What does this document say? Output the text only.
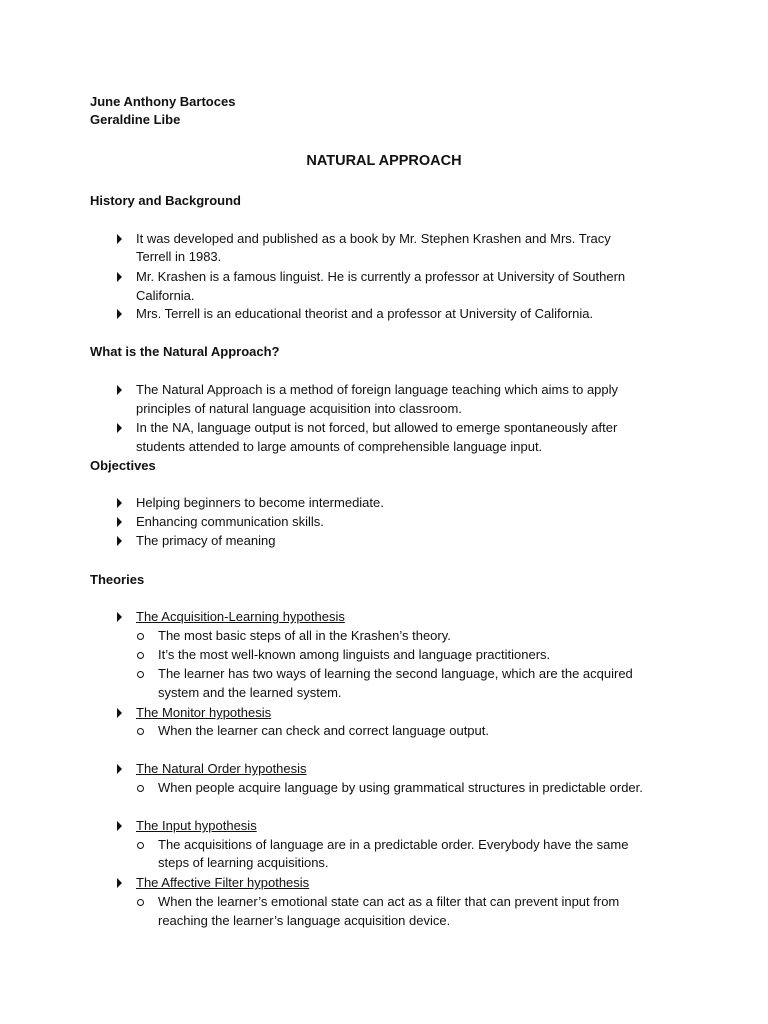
June Anthony Bartoces
Geraldine Libe
NATURAL APPROACH
History and Background
It was developed and published as a book by Mr. Stephen Krashen and Mrs. Tracy
Terrell in 1983.
Mr. Krashen is a famous linguist. He is currently a professor at University of Southern
California.
Mrs. Terrell is an educational theorist and a professor at University of California.
What is the Natural Approach?
The Natural Approach is a method of foreign language teaching which aims to apply
principles of natural language acquisition into classroom.
In the NA, language output is not forced, but allowed to emerge spontaneously after
students attended to large amounts of comprehensible language input.
Objectives
Helping beginners to become intermediate.
Enhancing communication skills.
The primacy of meaning
Theories
The Acquisition-Learning hypothesis
The most basic steps of all in the Krashen’s theory.
It’s the most well-known among linguists and language practitioners.
The learner has two ways of learning the second language, which are the acquired
system and the learned system.
The Monitor hypothesis
When the learner can check and correct language output.
The Natural Order hypothesis
When people acquire language by using grammatical structures in predictable order.
The Input hypothesis
The acquisitions of language are in a predictable order. Everybody have the same
steps of learning acquisitions.
The Affective Filter hypothesis
When the learner’s emotional state can act as a filter that can prevent input from
reaching the learner’s language acquisition device.
